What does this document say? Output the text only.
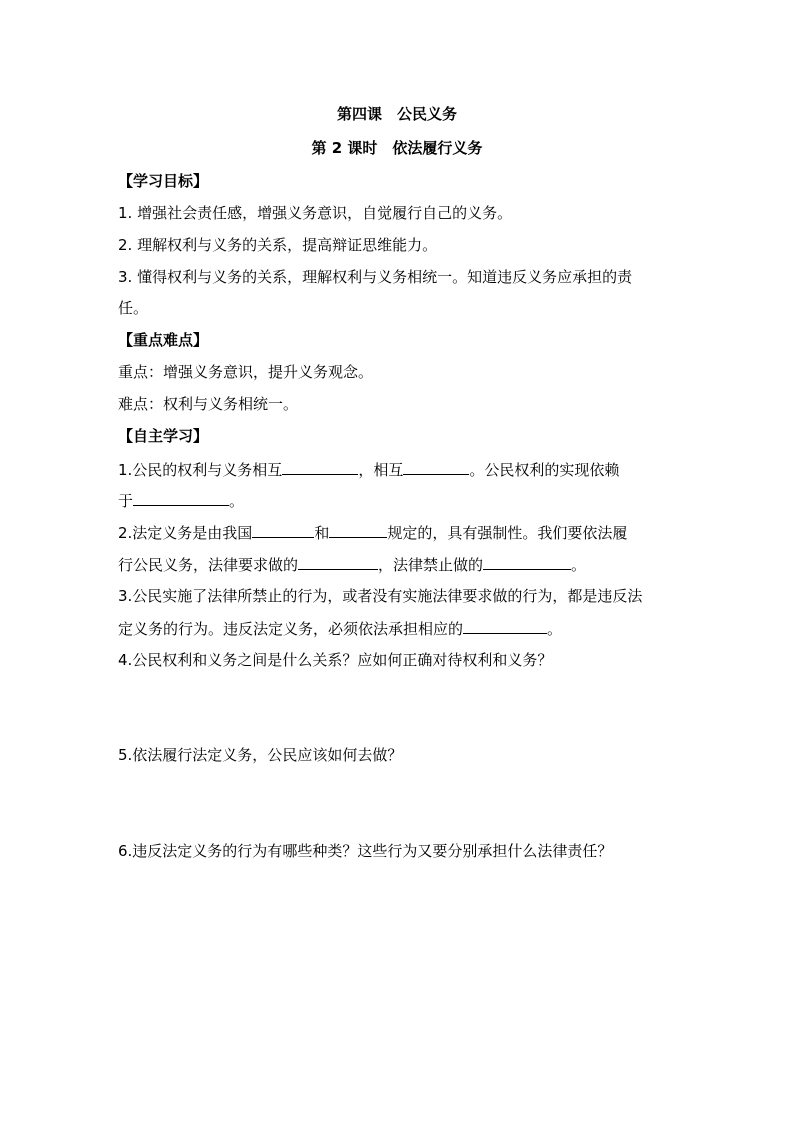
第四课　公民义务
第 2 课时　依法履行义务
【学习目标】
1. 增强社会责任感，增强义务意识，自觉履行自己的义务。
2. 理解权利与义务的关系，提高辩证思维能力。
3. 懂得权利与义务的关系，理解权利与义务相统一。知道违反义务应承担的责
任。
【重点难点】
重点：增强义务意识，提升义务观念。
难点：权利与义务相统一。
【自主学习】
1.公民的权利与义务相互	，相互	。公民权利的实现依赖
于	。
2.法定义务是由我国	和	规定的，具有强制性。我们要依法履
行公民义务，法律要求做的	，法律禁止做的	。
3.公民实施了法律所禁止的行为，或者没有实施法律要求做的行为，都是违反法
定义务的行为。违反法定义务，必须依法承担相应的	。
4.公民权利和义务之间是什么关系？应如何正确对待权利和义务？
5.依法履行法定义务，公民应该如何去做？
6.违反法定义务的行为有哪些种类？这些行为又要分别承担什么法律责任？
